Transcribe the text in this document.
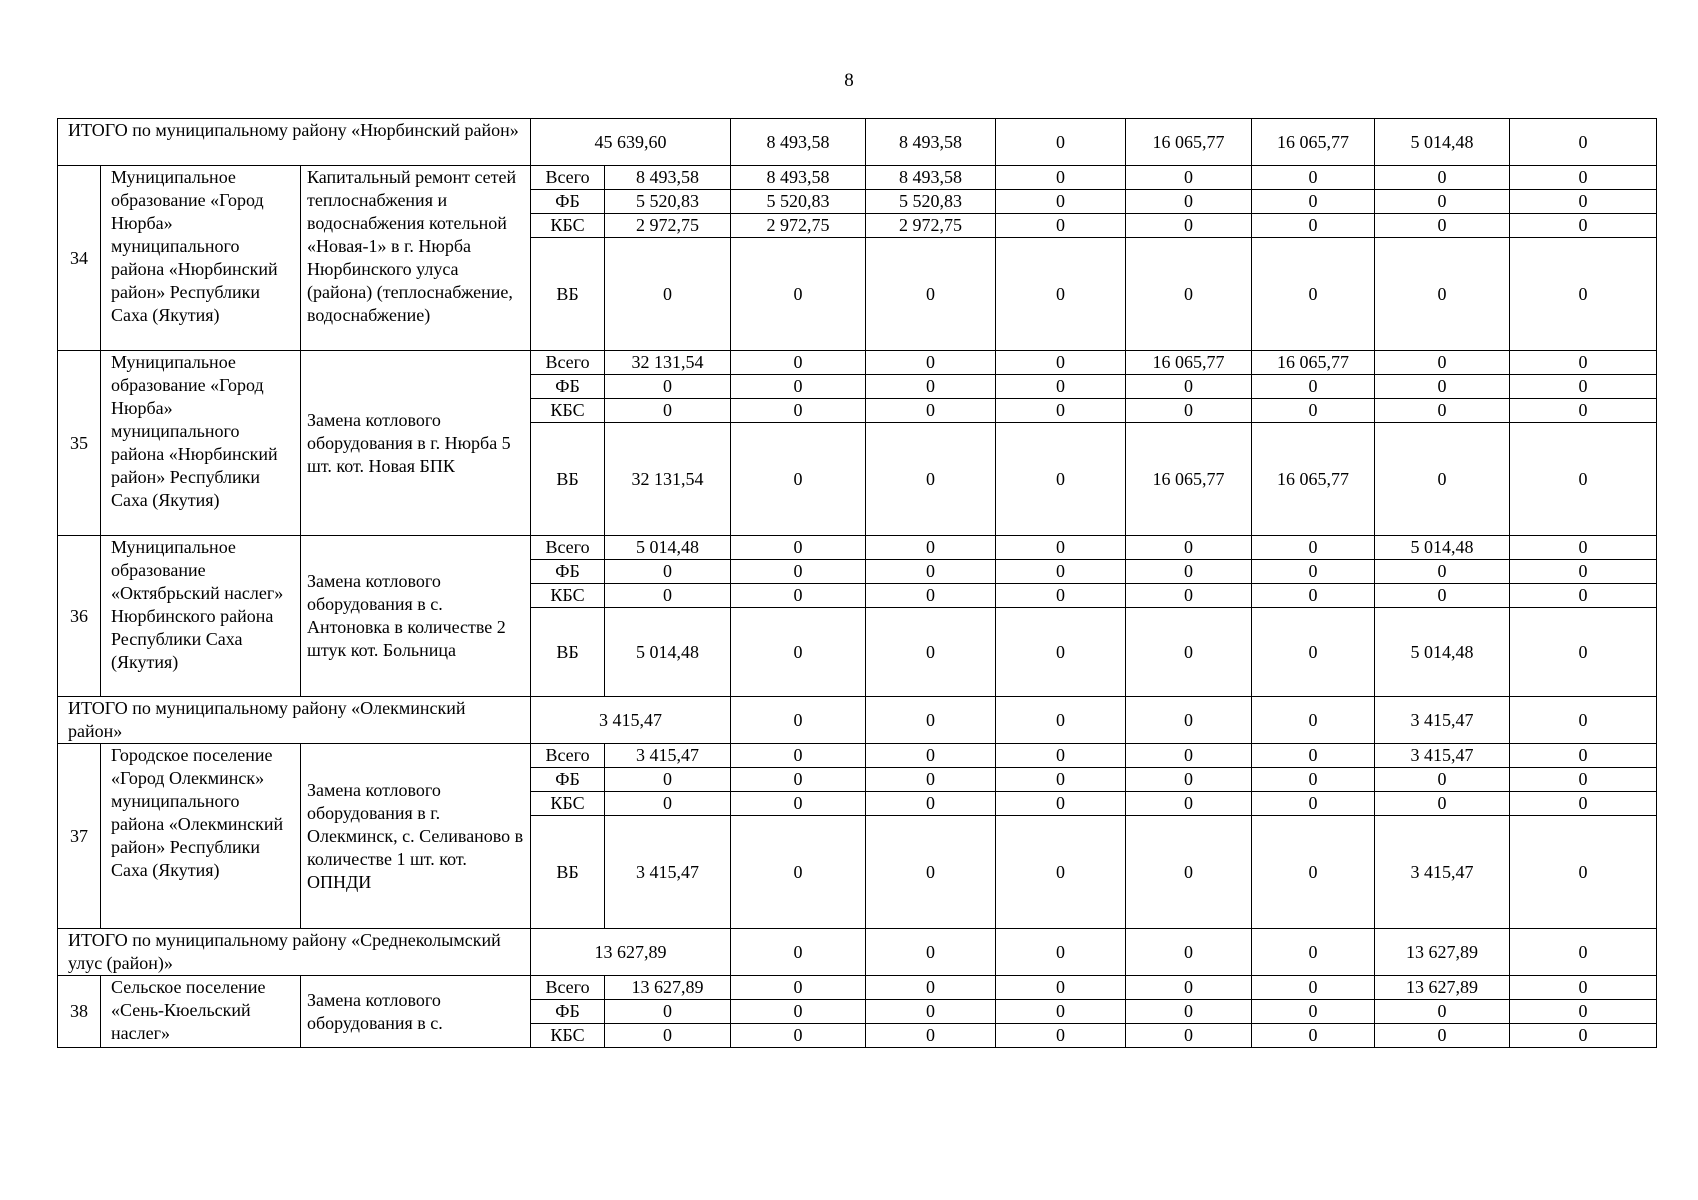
8
ИТОГО по муниципальному району «Нюрбинский район»			45 639,60		8 493,58	8 493,58	0	16 065,77	16 065,77	5 014,48	0
34	Муниципальное образование «Город Нюрба» муниципального района «Нюрбинский район» Республики Саха (Якутия)	Капитальный ремонт сетей теплоснабжения и водоснабжения котельной «Новая-1» в г. Нюрба Нюрбинского улуса (района) (теплоснабжение, водоснабжение)	Всего	8 493,58	8 493,58	8 493,58	0	0	0	0	0
			ФБ	5 520,83	5 520,83	5 520,83	0	0	0	0	0
			КБС	2 972,75	2 972,75	2 972,75	0	0	0	0	0
			ВБ	0	0	0	0	0	0	0	0
35	Муниципальное образование «Город Нюрба» муниципального района «Нюрбинский район» Республики Саха (Якутия)	Замена котлового оборудования в г. Нюрба 5 шт. кот. Новая БПК	Всего	32 131,54	0	0	0	16 065,77	16 065,77	0	0
			ФБ	0	0	0	0	0	0	0	0
			КБС	0	0	0	0	0	0	0	0
			ВБ	32 131,54	0	0	0	16 065,77	16 065,77	0	0
36	Муниципальное образование «Октябрьский наслег» Нюрбинского района Республики Саха (Якутия)	Замена котлового оборудования в с. Антоновка в количестве 2 штук кот. Больница	Всего	5 014,48	0	0	0	0	0	5 014,48	0
			ФБ	0	0	0	0	0	0	0	0
			КБС	0	0	0	0	0	0	0	0
			ВБ	5 014,48	0	0	0	0	0	5 014,48	0
ИТОГО по муниципальному району «Олекминский район»			3 415,47		0	0	0	0	0	3 415,47	0
37	Городское поселение «Город Олекминск» муниципального района «Олекминский район» Республики Саха (Якутия)	Замена котлового оборудования в г. Олекминск, с. Селиваново в количестве 1 шт. кот. ОПНДИ	Всего	3 415,47	0	0	0	0	0	3 415,47	0
			ФБ	0	0	0	0	0	0	0	0
			КБС	0	0	0	0	0	0	0	0
			ВБ	3 415,47	0	0	0	0	0	3 415,47	0
ИТОГО по муниципальному району «Среднеколымский улус (район)»			13 627,89		0	0	0	0	0	13 627,89	0
38	Сельское поселение «Сень-Кюельский наслег»	Замена котлового оборудования в с.	Всего	13 627,89	0	0	0	0	0	13 627,89	0
			ФБ	0	0	0	0	0	0	0	0
			КБС	0	0	0	0	0	0	0	0
